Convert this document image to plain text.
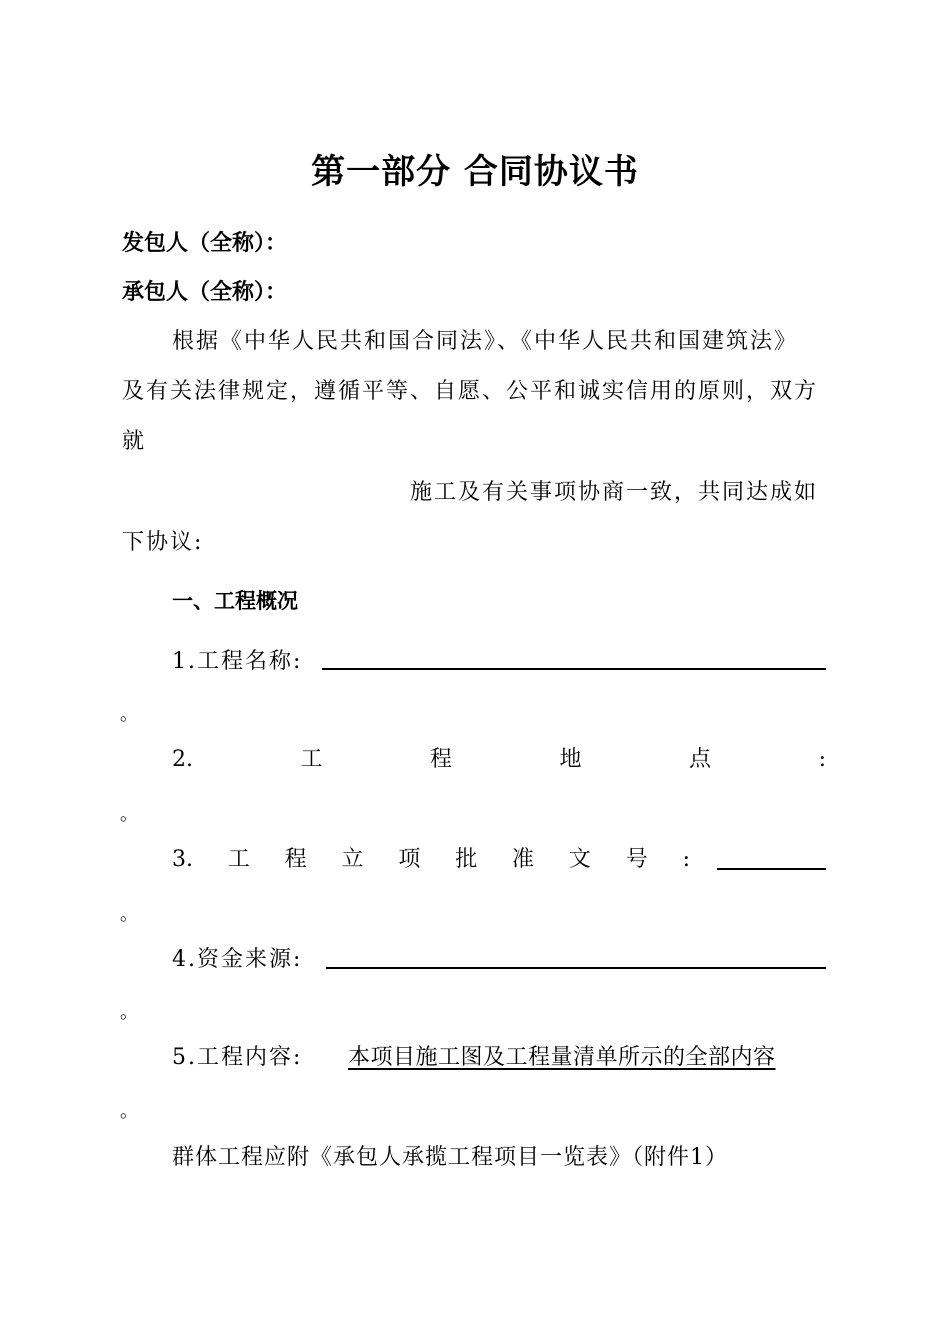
第一部分 合同协议书
发包人（全称）：
承包人（全称）：
根据《中华人民共和国合同法》、《中华人民共和国建筑法》
及有关法律规定，遵循平等、自愿、公平和诚实信用的原则，双方
就
施工及有关事项协商一致，共同达成如
下协议:
一、工程概况
1.工程名称:
。
2.	工	程	地	点	:
。
3. 工 程 立 项 批 准 文 号 :
。
4.资金来源:
。
5.工程内容: 本项目施工图及工程量清单所示的全部内容
。
群体工程应附《承包人承揽工程项目一览表》（附件1）
